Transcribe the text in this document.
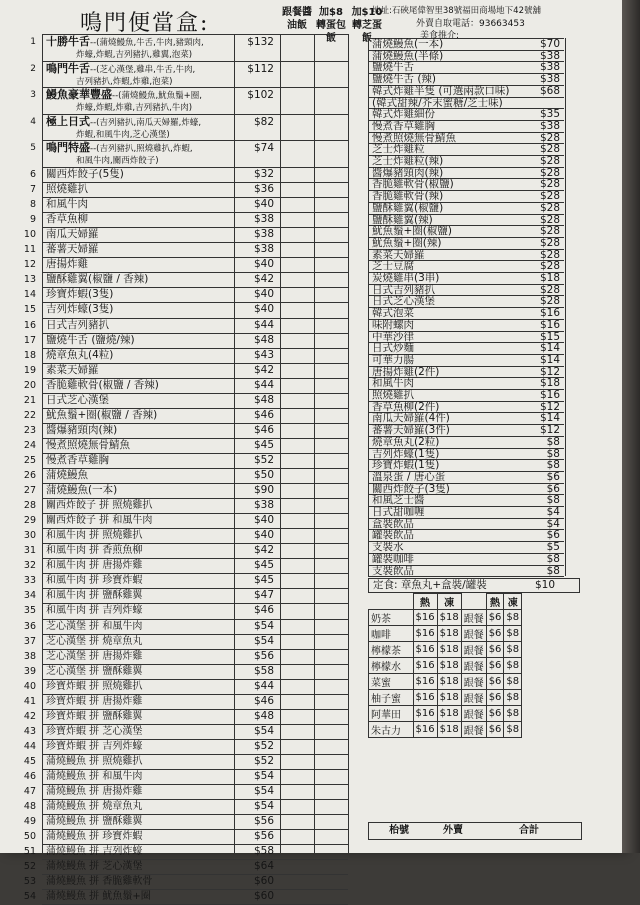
鳴門便當盒:	跟餐醬油飯
加$8轉蛋包飯
加$10轉芝蛋飯
地址:石硤尾偉智里38號福田商場地下42號舖
外賣自取電話：93663453
美食推介:
1 十勝牛舌--(蒲燒鰻魚,牛舌,牛肉,豬頸肉,
炸蠔,炸蝦,吉列豬扒,雞翼,泡菜)
$132
2 鳴門牛舌--(芝心漢堡,雞串,牛舌,牛肉,
吉列豬扒,炸蝦,炸雞,泡菜)
$112
3 鰻魚豪華豐盛--(蒲燒鰻魚,魷魚鬚+圈,
炸蠔,炸蝦,炸雞,吉列豬扒,牛肉)
$102
4 極上日式--(吉列豬扒,南瓜天婦羅,炸蠔,
炸蝦,和風牛肉,芝心漢堡)
$82
5 鳴門特盛--(吉列豬扒,照燒雞扒,炸蝦,
和風牛肉,關西炸餃子)
$74
6 關西炸餃子(5隻)	$32
7 照燒雞扒	$36
8 和風牛肉	$40
9 香草魚柳	$38
10 南瓜天婦羅	$38
11 蕃薯天婦羅	$38
12 唐揚炸雞	$40
13 鹽酥雞翼(椒鹽 / 香辣)	$42
14 珍寶炸蝦(3隻)	$40
15 吉列炸蠔(3隻)	$40
16 日式吉列豬扒	$44
17 鹽燒牛舌 (鹽燒/辣)	$48
18 燒章魚丸(4粒)	$43
19 素菜天婦羅	$42
20 香脆雞軟骨(椒鹽 / 香辣)	$44
21 日式芝心漢堡	$48
22 魷魚鬚+圈(椒鹽 / 香辣)	$46
23 醬爆豬頸肉(辣)	$46
24 慢煮照燒無骨鯖魚	$45
25 慢煮香草雞胸	$52
26 蒲燒鰻魚	$50
27 蒲燒鰻魚(一本)	$90
28 關西炸餃子 拼 照燒雞扒	$38
29 關西炸餃子 拼 和風牛肉	$40
30 和風牛肉 拼 照燒雞扒	$40
31 和風牛肉 拼 香煎魚柳	$42
32 和風牛肉 拼 唐揚炸雞	$45
33 和風牛肉 拼 珍寶炸蝦	$45
34 和風牛肉 拼 鹽酥雞翼	$47
35 和風牛肉 拼 吉列炸蠔	$46
36 芝心漢堡 拼 和風牛肉	$54
37 芝心漢堡 拼 燒章魚丸	$54
38 芝心漢堡 拼 唐揚炸雞	$56
39 芝心漢堡 拼 鹽酥雞翼	$58
40 珍寶炸蝦 拼 照燒雞扒	$44
41 珍寶炸蝦 拼 唐揚炸雞	$46
42 珍寶炸蝦 拼 鹽酥雞翼	$48
43 珍寶炸蝦 拼 芝心漢堡	$54
44 珍寶炸蝦 拼 吉列炸蠔	$52
45 蒲燒鰻魚 拼 照燒雞扒	$52
46 蒲燒鰻魚 拼 和風牛肉	$54
47 蒲燒鰻魚 拼 唐揚炸雞	$54
48 蒲燒鰻魚 拼 燒章魚丸	$54
49 蒲燒鰻魚 拼 鹽酥雞翼	$56
50 蒲燒鰻魚 拼 珍寶炸蝦	$56
51 蒲燒鰻魚 拼 吉列炸蠔	$58
52 蒲燒鰻魚 拼 芝心漢堡	$64
53 蒲燒鰻魚 拼 香脆雞軟骨	$60
54 蒲燒鰻魚 拼 魷魚鬚+圈	$60
蒲燒鰻魚(一本)	$70
蒲燒鰻魚(半條)	$38
鹽燒牛舌	$38
鹽燒牛舌 (辣)	$38
韓式炸雞半隻 (可選兩款口味)	$68
(韓式甜辣/芥末蜜糖/芝士味)
韓式炸雞細份	$35
慢煮香草雞胸	$38
慢煮照燒無骨鯖魚	$28
芝士炸雞粒	$28
芝士炸雞粒(辣)	$28
醬爆豬頸肉(辣)	$28
香脆雞軟骨(椒鹽)	$28
香脆雞軟骨(辣)	$28
鹽酥雞翼(椒鹽)	$28
鹽酥雞翼(辣)	$28
魷魚鬚+圈(椒鹽)	$28
魷魚鬚+圈(辣)	$28
素菜天婦羅	$28
芝士豆腐	$28
炭燒雞串(3串)	$18
日式吉列豬扒	$28
日式芝心漢堡	$28
韓式泡菜	$16
味附螺肉	$16
中華沙律	$15
日式炒麵	$14
可華力腸	$14
唐揚炸雞(2件)	$12
和風牛肉	$18
照燒雞扒	$16
香草魚柳(2件)	$12
南瓜天婦羅(4件)	$14
蕃薯天婦羅(3件)	$12
燒章魚丸(2粒)	$8
吉列炸蠔(1隻)	$8
珍寶炸蝦(1隻)	$8
溫泉蛋 / 唐心蛋	$6
關西炸餃子(3隻)	$6
和風芝士醬	$8
日式甜咖喱	$4
盒裝飲品	$4
罐裝飲品	$6
支裝水	$5
罐裝咖啡	$8
支裝飲品	$8
定食: 章魚丸+盒裝/罐裝	$10
	熱	凍		熱	凍
奶茶	$16	$18	跟餐	$6	$8
咖啡	$16	$18	跟餐	$6	$8
檸檬茶	$16	$18	跟餐	$6	$8
檸檬水	$16	$18	跟餐	$6	$8
菜蜜	$16	$18	跟餐	$6	$8
柚子蜜	$16	$18	跟餐	$6	$8
阿華田	$16	$18	跟餐	$6	$8
朱古力	$16	$18	跟餐	$6	$8
枱號	外賣	合計
